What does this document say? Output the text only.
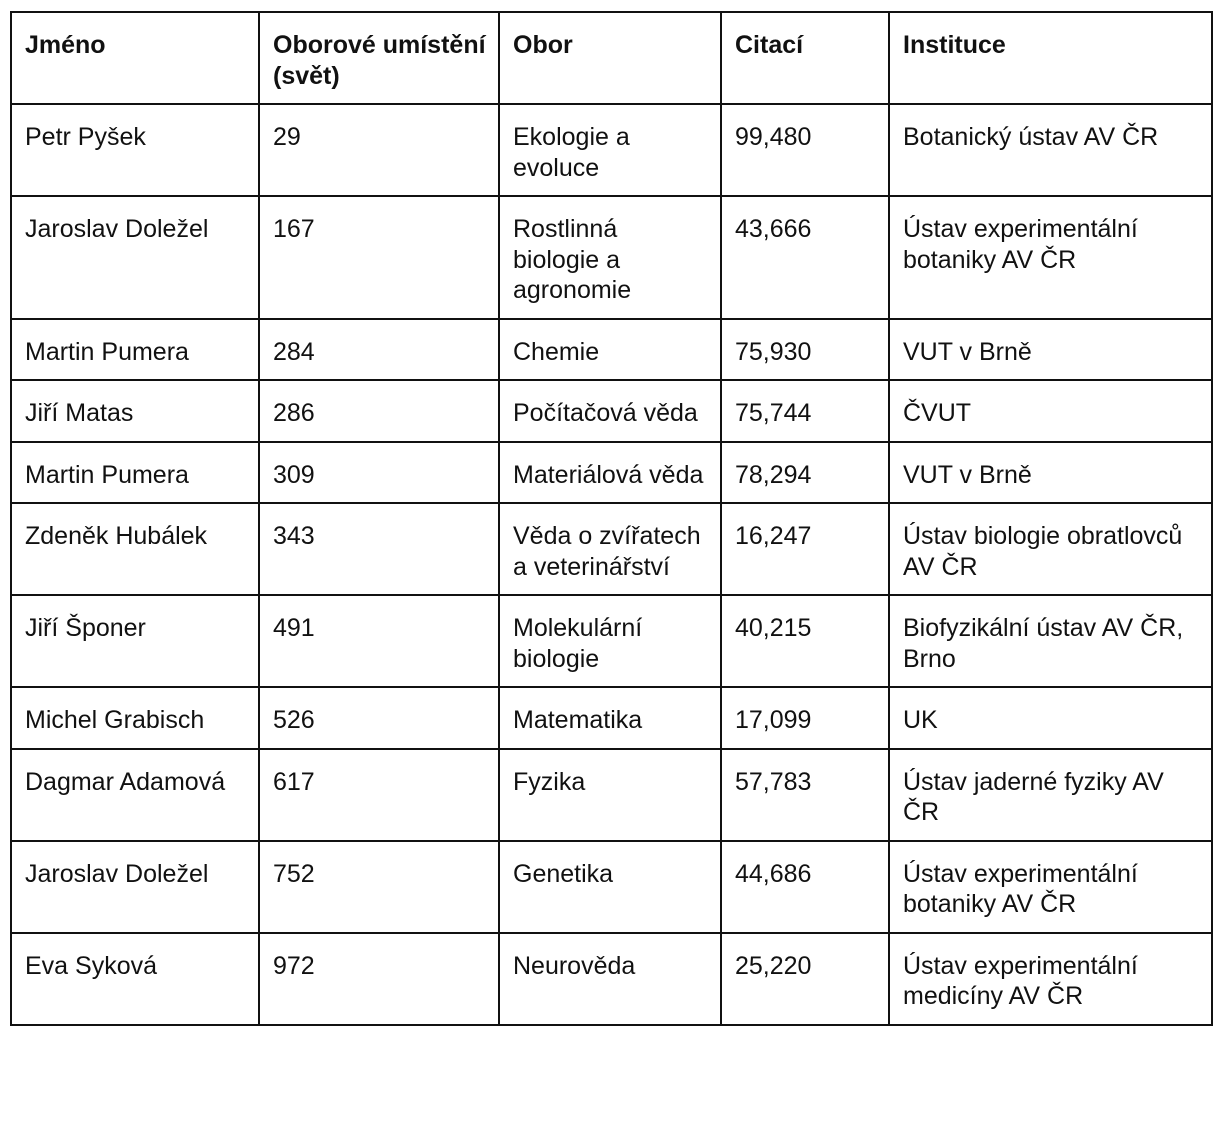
Jméno	Oborové umístění (svět)	Obor	Citací	Instituce
Petr Pyšek	29	Ekologie a evoluce	99,480	Botanický ústav AV ČR
Jaroslav Doležel	167	Rostlinná biologie a agronomie	43,666	Ústav experimentální botaniky AV ČR
Martin Pumera	284	Chemie	75,930	VUT v Brně
Jiří Matas	286	Počítačová věda	75,744	ČVUT
Martin Pumera	309	Materiálová věda	78,294	VUT v Brně
Zdeněk Hubálek	343	Věda o zvířatech a veterinářství	16,247	Ústav biologie obratlovců AV ČR
Jiří Šponer	491	Molekulární biologie	40,215	Biofyzikální ústav AV ČR, Brno
Michel Grabisch	526	Matematika	17,099	UK
Dagmar Adamová	617	Fyzika	57,783	Ústav jaderné fyziky AV ČR
Jaroslav Doležel	752	Genetika	44,686	Ústav experimentální botaniky AV ČR
Eva Syková	972	Neurověda	25,220	Ústav experimentální medicíny AV ČR
